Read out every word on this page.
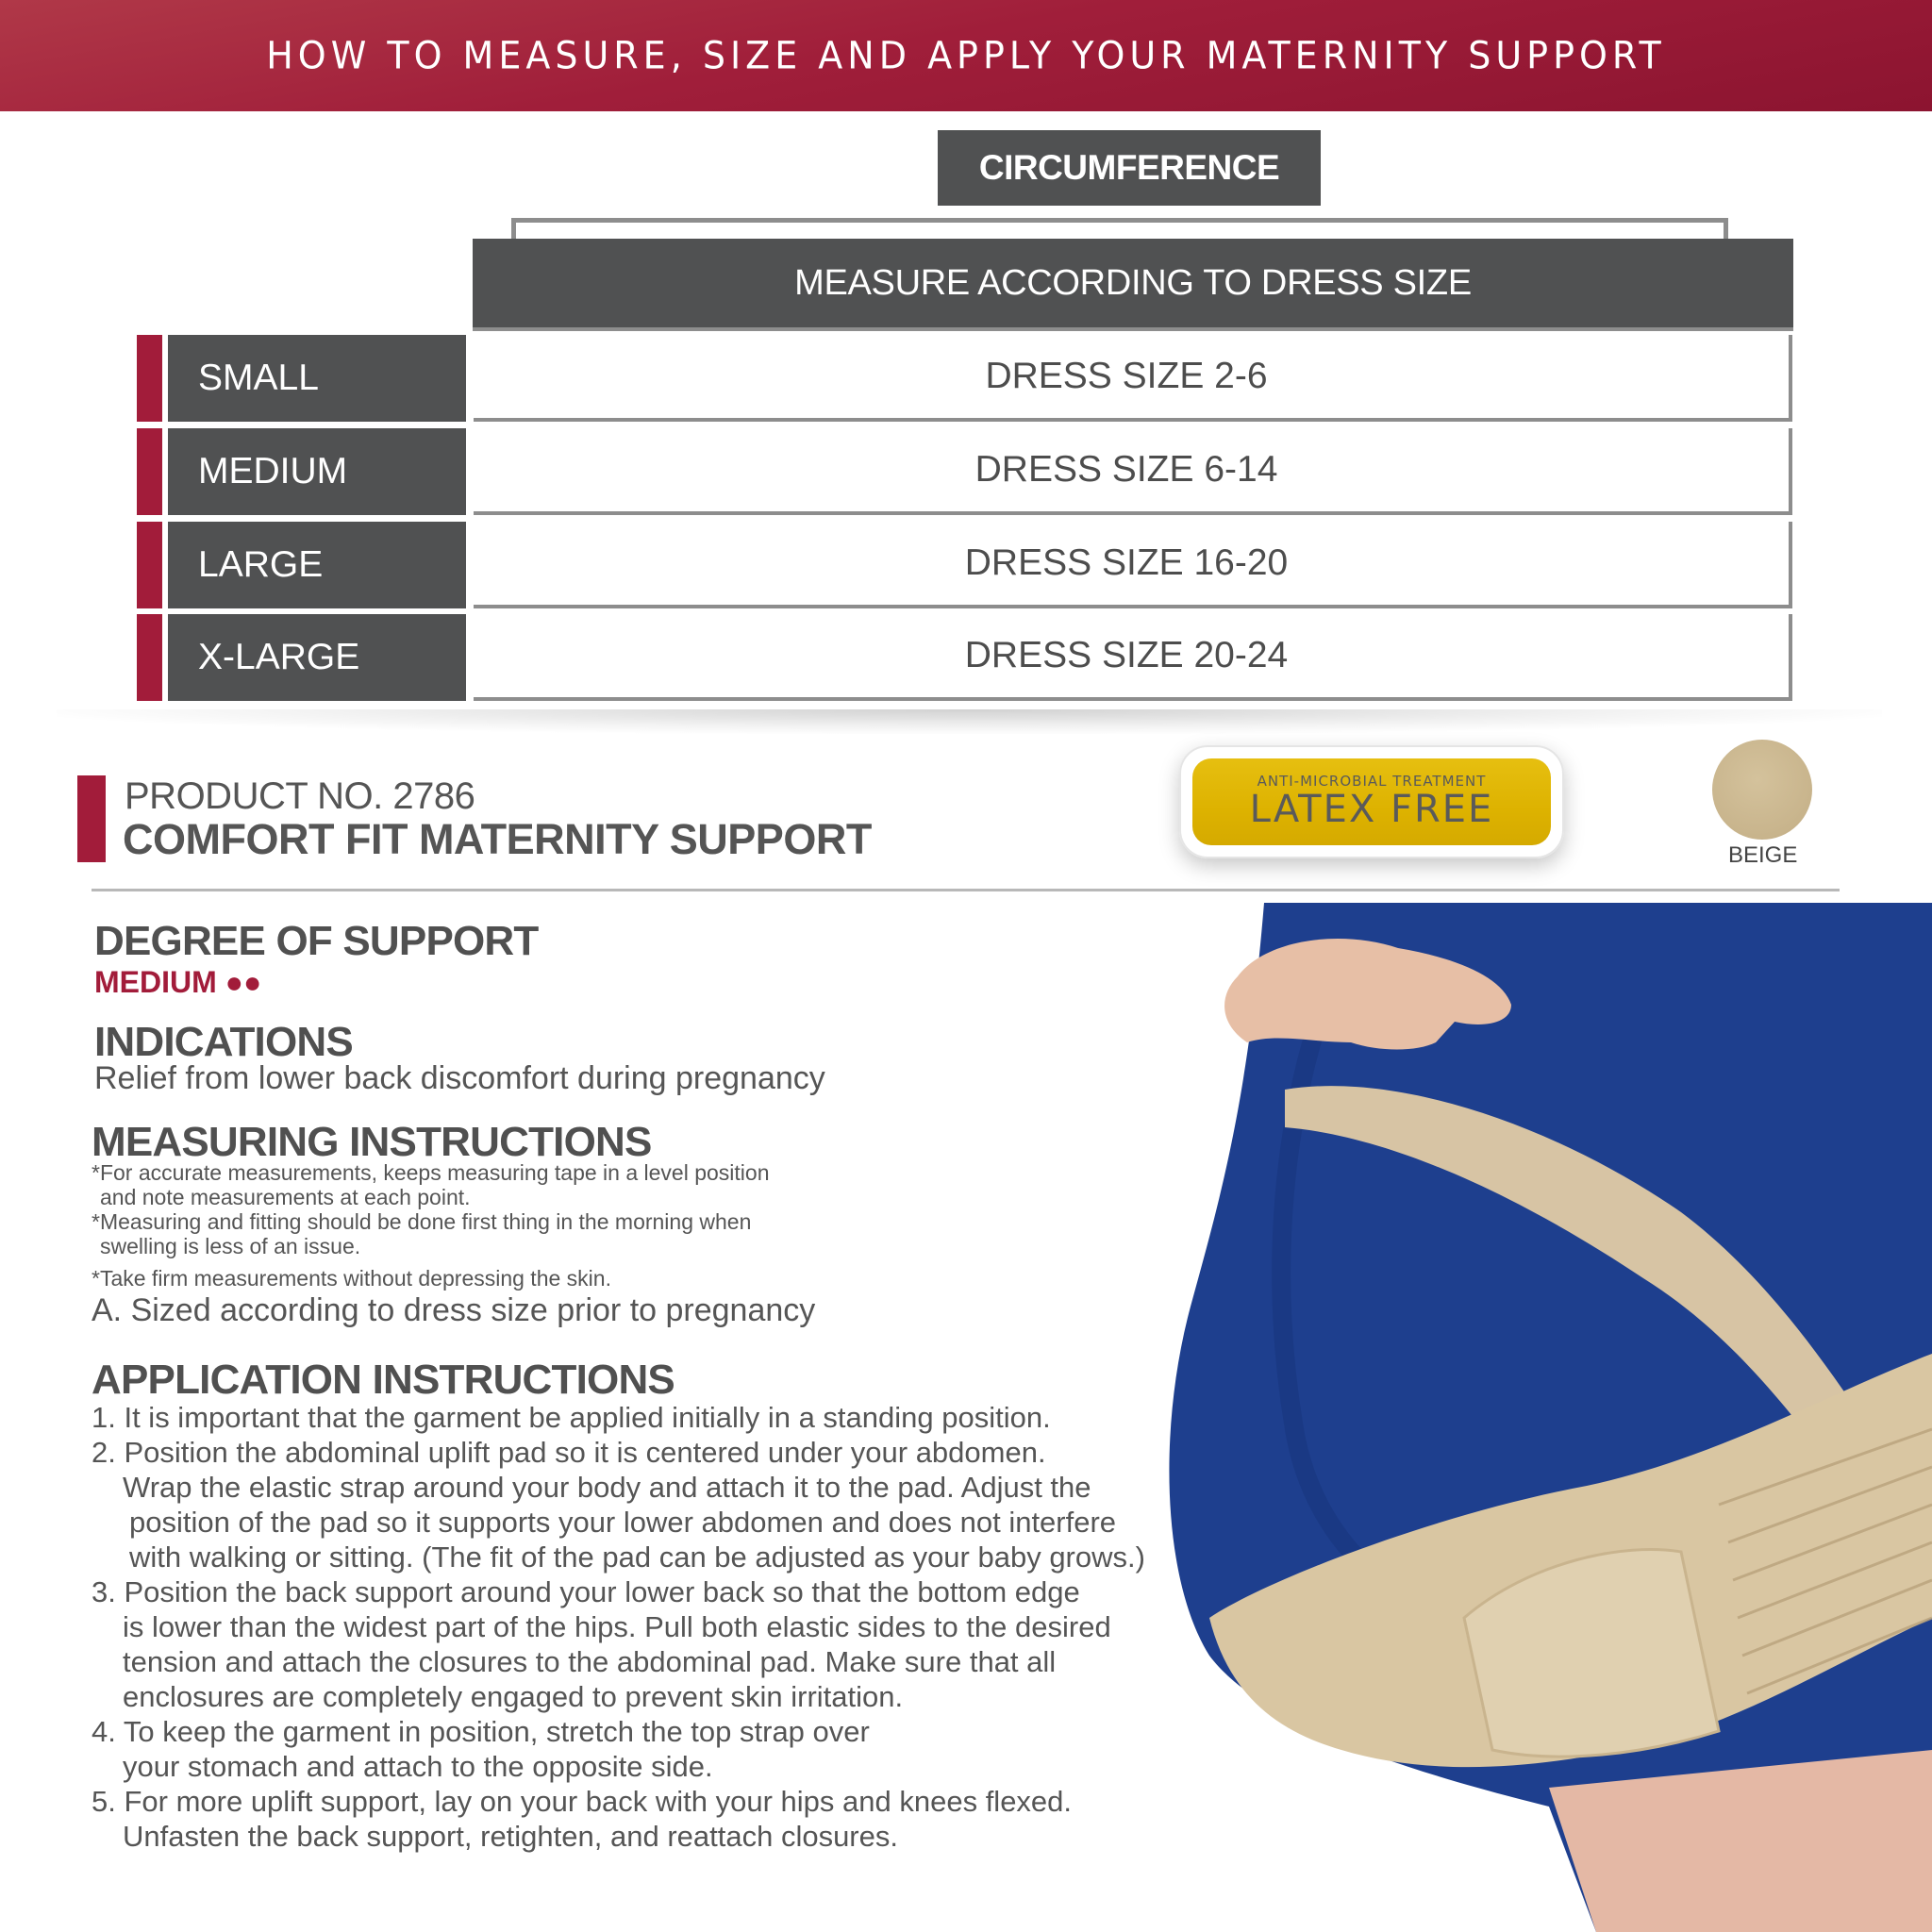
HOW TO MEASURE, SIZE AND APPLY YOUR MATERNITY SUPPORT
CIRCUMFERENCE
MEASURE ACCORDING TO DRESS SIZE
SMALL	DRESS SIZE 2-6
MEDIUM	DRESS SIZE 6-14
LARGE	DRESS SIZE 16-20
X-LARGE	DRESS SIZE 20-24
PRODUCT NO. 2786
COMFORT FIT MATERNITY SUPPORT
ANTI-MICROBIAL TREATMENT
LATEX FREE
BEIGE
DEGREE OF SUPPORT
MEDIUM ●●
INDICATIONS
Relief from lower back discomfort during pregnancy
MEASURING INSTRUCTIONS

*For accurate measurements, keeps measuring tape in a level position

and note measurements at each point.

*Measuring and fitting should be done first thing in the morning when

swelling is less of an issue.

*Take firm measurements without depressing the skin.

A. Sized according to dress size prior to pregnancy
APPLICATION INSTRUCTIONS
1. It is important that the garment be applied initially in a standing position.
2. Position the abdominal uplift pad so it is centered under your abdomen.
Wrap the elastic strap around your body and attach it to the pad. Adjust the
position of the pad so it supports your lower abdomen and does not interfere
with walking or sitting. (The fit of the pad can be adjusted as your baby grows.)
3. Position the back support around your lower back so that the bottom edge
is lower than the widest part of the hips. Pull both elastic sides to the desired
tension and attach the closures to the abdominal pad. Make sure that all
enclosures are completely engaged to prevent skin irritation.
4. To keep the garment in position, stretch the top strap over
your stomach and attach to the opposite side.
5. For more uplift support, lay on your back with your hips and knees flexed.
Unfasten the back support, retighten, and reattach closures.
